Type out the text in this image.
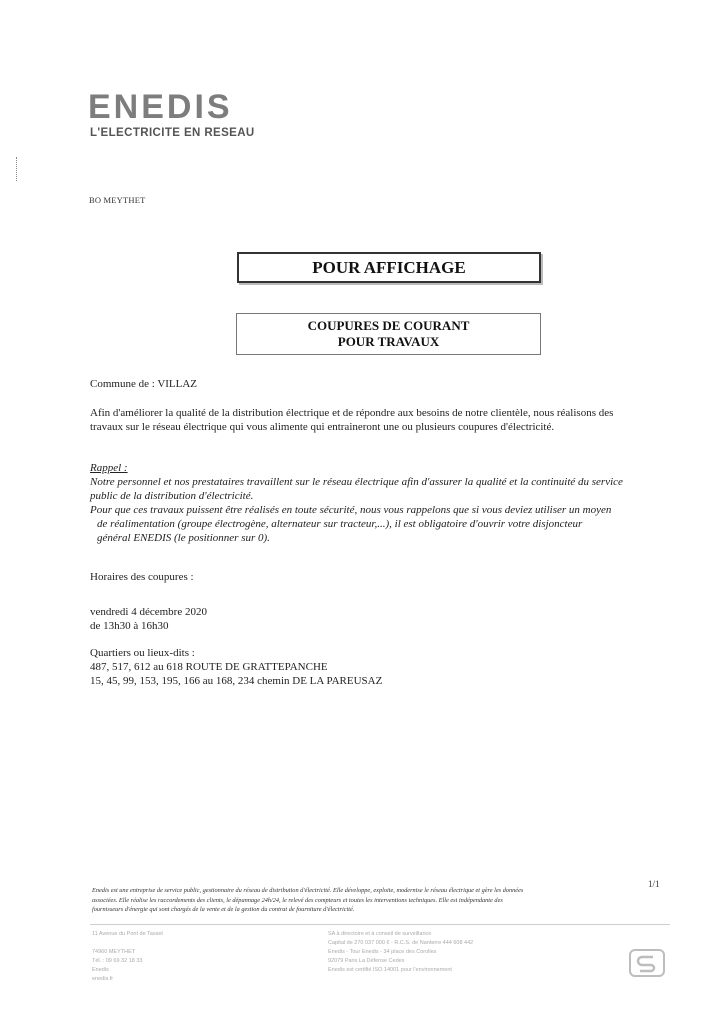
ENEDIS
L'ELECTRICITE EN RESEAU
BO MEYTHET
POUR AFFICHAGE
COUPURES DE COURANT
POUR TRAVAUX
Commune de : VILLAZ
Afin d'améliorer la qualité de la distribution électrique et de répondre aux besoins de notre clientèle, nous réalisons des
travaux sur le réseau électrique qui vous alimente qui entraineront une ou plusieurs coupures d'électricité.
Rappel :
Notre personnel et nos prestataires travaillent sur le réseau électrique afin d'assurer la qualité et la continuité du service
public de la distribution d'électricité.
Pour que ces travaux puissent être réalisés en toute sécurité, nous vous rappelons que si vous deviez utiliser un moyen
de réalimentation (groupe électrogène, alternateur sur tracteur,...), il est obligatoire d'ouvrir votre disjoncteur
général ENEDIS (le positionner sur 0).
Horaires des coupures :
vendredi 4 décembre 2020
de 13h30 à 16h30
Quartiers ou lieux-dits :
487, 517, 612 au 618 ROUTE DE GRATTEPANCHE
15, 45, 99, 153, 195, 166 au 168, 234 chemin DE LA PAREUSAZ
1/1
Enedis est une entreprise de service public, gestionnaire du réseau de distribution d'électricité. Elle développe, exploite, modernise le réseau électrique et gère les données
associées. Elle réalise les raccordements des clients, le dépannage 24h/24, le relevé des compteurs et toutes les interventions techniques. Elle est indépendante des
fournisseurs d'énergie qui sont chargés de la vente et de la gestion du contrat de fourniture d'électricité.
11 Avenue du Pont de Tasset

74960 MEYTHET
Tél. : 09 69 32 18 33
Enedis
enedis.fr
SA à directoire et à conseil de surveillance
Capital de 270 037 000 € - R.C.S. de Nanterre 444 608 442
Enedis - Tour Enedis - 34 place des Corolles
92079 Paris La Défense Cedex
Enedis est certifié ISO 14001 pour l'environnement
